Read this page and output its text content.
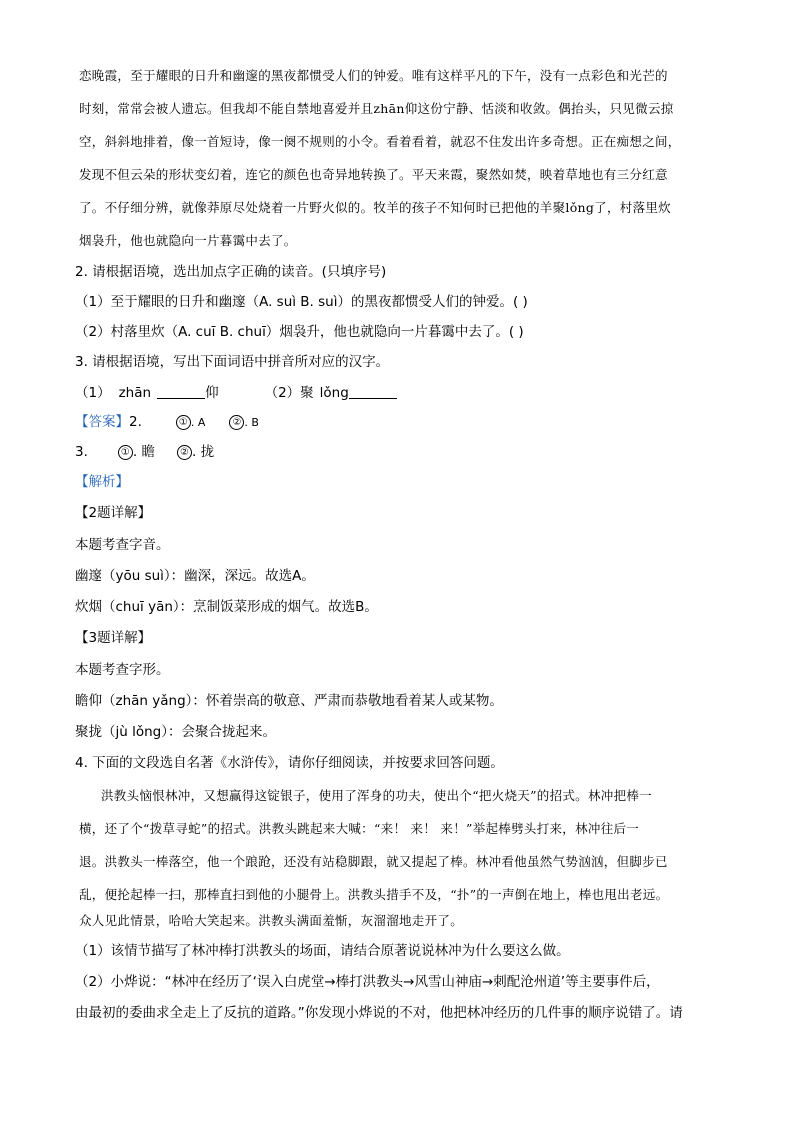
恋晚霞，至于耀眼的日升和幽邃的黑夜都惯受人们的钟爱。唯有这样平凡的下午，没有一点彩色和光芒的
时刻，常常会被人遗忘。但我却不能自禁地喜爱并且zhān仰这份宁静、恬淡和收敛。偶抬头，只见微云掠
空，斜斜地排着，像一首短诗，像一阕不规则的小令。看着看着，就忍不住发出许多奇想。正在痴想之间，
发现不但云朵的形状变幻着，连它的颜色也奇异地转换了。平天来霞，聚然如焚，映着草地也有三分红意
了。不仔细分辨，就像莽原尽处烧着一片野火似的。牧羊的孩子不知何时已把他的羊聚lǒng了，村落里炊
烟袅升，他也就隐向一片暮霭中去了。
2. 请根据语境，选出加点字正确的读音。(只填序号)
（1）至于耀眼的日升和幽邃（A. suì B. suì）的黑夜都惯受人们的钟爱。( )
（2）村落里炊（A. cuī B. chuī）烟袅升，他也就隐向一片暮霭中去了。( )
3. 请根据语境，写出下面词语中拼音所对应的汉字。
（1） zhān	仰	（2）聚 lǒng
【答案】2.	① . A	② . B
3.	① . 瞻	② . 拢
【解析】
【2题详解】
本题考查字音。
幽邃（yōu suì）：幽深，深远。故选A。
炊烟（chuī yān）：烹制饭菜形成的烟气。故选B。
【3题详解】
本题考查字形。
瞻仰（zhān yǎng）：怀着崇高的敬意、严肃而恭敬地看着某人或某物。
聚拢（jù lǒng）：会聚合拢起来。
4. 下面的文段选自名著《水浒传》，请你仔细阅读，并按要求回答问题。
洪教头恼恨林冲，又想赢得这锭银子，使用了浑身的功夫，使出个“把火烧天”的招式。林冲把棒一
横，还了个“拨草寻蛇”的招式。洪教头跳起来大喊：“来！ 来！ 来！”举起棒劈头打来，林冲往后一
退。洪教头一棒落空，他一个踉跄，还没有站稳脚跟，就又提起了棒。林冲看他虽然气势汹汹，但脚步已
乱，便抡起棒一扫，那棒直扫到他的小腿骨上。洪教头措手不及，“扑”的一声倒在地上，棒也甩出老远。
众人见此情景，哈哈大笑起来。洪教头满面羞惭，灰溜溜地走开了。
（1）该情节描写了林冲棒打洪教头的场面，请结合原著说说林冲为什么要这么做。
（2）小烨说：“林冲在经历了‘误入白虎堂→棒打洪教头→风雪山神庙→刺配沧州道’等主要事件后，
由最初的委曲求全走上了反抗的道路。”你发现小烨说的不对，他把林冲经历的几件事的顺序说错了。请
